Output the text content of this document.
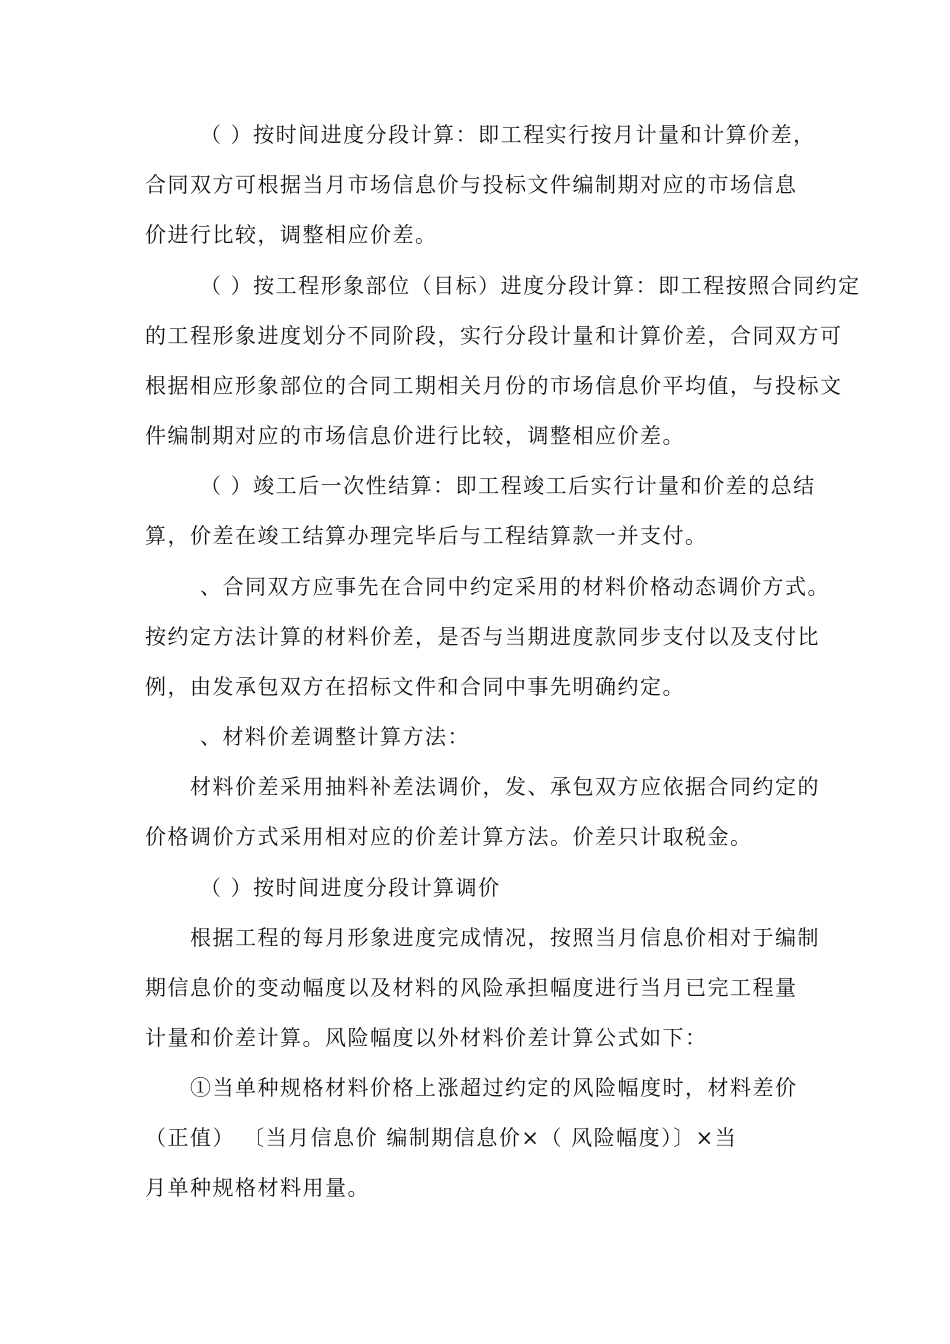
（ ）按时间进度分段计算：即工程实行按月计量和计算价差，
合同双方可根据当月市场信息价与投标文件编制期对应的市场信息
价进行比较，调整相应价差。
（ ）按工程形象部位（目标）进度分段计算：即工程按照合同约定
的工程形象进度划分不同阶段，实行分段计量和计算价差，合同双方可
根据相应形象部位的合同工期相关月份的市场信息价平均值，与投标文
件编制期对应的市场信息价进行比较，调整相应价差。
（ ）竣工后一次性结算：即工程竣工后实行计量和价差的总结
算，价差在竣工结算办理完毕后与工程结算款一并支付。
、合同双方应事先在合同中约定采用的材料价格动态调价方式。
按约定方法计算的材料价差，是否与当期进度款同步支付以及支付比
例，由发承包双方在招标文件和合同中事先明确约定。
、材料价差调整计算方法：
材料价差采用抽料补差法调价，发、承包双方应依据合同约定的
价格调价方式采用相对应的价差计算方法。价差只计取税金。
（ ）按时间进度分段计算调价
根据工程的每月形象进度完成情况，按照当月信息价相对于编制
期信息价的变动幅度以及材料的风险承担幅度进行当月已完工程量
计量和价差计算。风险幅度以外材料价差计算公式如下：
①当单种规格材料价格上涨超过约定的风险幅度时，材料差价
（正值） 〔当月信息价 编制期信息价×（ 风险幅度）〕×当
月单种规格材料用量。
